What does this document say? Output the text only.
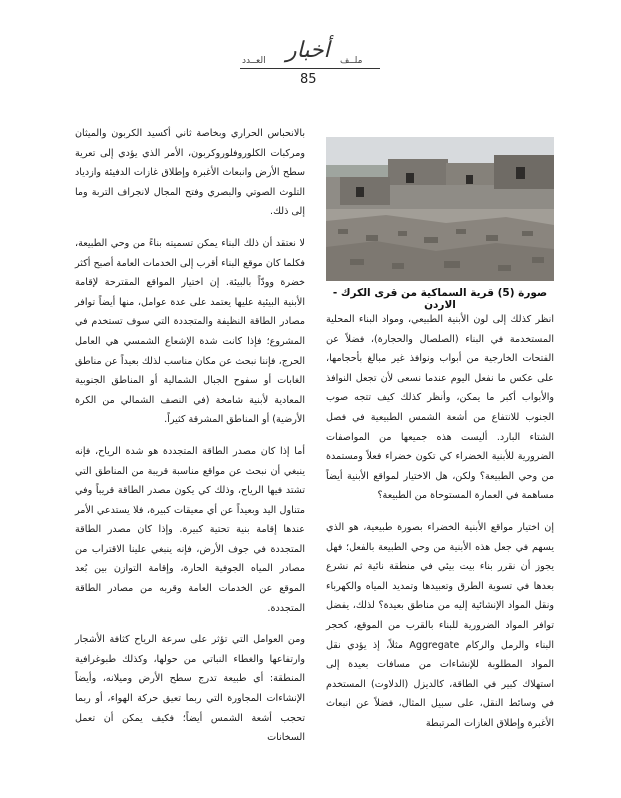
أخبار
العــدد	ملــف
85
صورة (5) قرية السماكية من قرى الكرك - الاردن

انظر كذلك إلى لون الأبنية الطبيعي، ومواد البناء المحلية المستخدمة في البناء (الصلصال والحجارة)، فضلاً عن الفتحات الخارجية من أبواب ونوافذ غير مبالغ بأحجامها، على عكس ما نفعل اليوم عندما نسعى لأن تجعل النوافذ والأبواب أكبر ما يمكن، وأنظر كذلك كيف تتجه صوب الجنوب للانتفاع من أشعة الشمس الطبيعية في فصل الشتاء البارد. أليست هذه جميعها من المواصفات الضرورية للأبنية الخضراء كي تكون خضراء فعلاً ومستمدة من وحي الطبيعة؟ ولكن، هل الاختيار لمواقع الأبنية أيضاً مساهمة في العمارة المستوحاة من الطبيعة؟

إن اختيار مواقع الأبنية الخضراء بصورة طبيعية، هو الذي يسهم في جعل هذه الأبنية من وحي الطبيعة بالفعل؛ فهل يجوز أن نقرر بناء بيت بيئي في منطقة نائية ثم نشرع بعدها في تسوية الطرق وتعبيدها وتمديد المياه والكهرباء ونقل المواد الإنشائية إليه من مناطق بعيدة؟ لذلك، يفضل توافر المواد الضرورية للبناء بالقرب من الموقع، كحجر البناء والرمل والركام Aggregate مثلاً، إذ يؤدي نقل المواد المطلوبة للإنشاءات من مسافات بعيدة إلى استهلاك كبير في الطاقة، كالديزل (الدلاوت) المستخدم في وسائط النقل، على سبيل المثال، فضلاً عن انبعاث الأغبرة وإطلاق الغازات المرتبطة

بالانحباس الحراري وبخاصة ثاني أكسيد الكربون والميثان ومركبات الكلوروفلوروكربون، الأمر الذي يؤدي إلى تعرية سطح الأرض وانبعاث الأغبرة وإطلاق غازات الدفيئة وازدياد التلوث الصوتي والبصري وفتح المجال لانجراف التربة وما إلى ذلك.

لا نعتقد أن ذلك البناء يمكن تسميته بناءً من وحي الطبيعة، فكلما كان موقع البناء أقرب إلى الخدمات العامة أصبح أكثر خضرة وودّاً بالبيئة. إن اختيار المواقع المقترحة لإقامة الأبنية البيئية عليها يعتمد على عدة عوامل، منها أيضاً توافر مصادر الطاقة النظيفة والمتجددة التي سوف تستخدم في المشروع؛ فإذا كانت شدة الإشعاع الشمسي هي العامل الحرج، فإننا نبحث عن مكان مناسب لذلك بعيداً عن مناطق الغابات أو سفوح الجبال الشمالية أو المناطق الجنوبية المعادية لأبنية شامخة (في النصف الشمالي من الكرة الأرضية) أو المناطق المشرقة كثيراً.

أما إذا كان مصدر الطاقة المتجددة هو شدة الرياح، فإنه ينبغي أن نبحث عن مواقع مناسبة قريبة من المناطق التي تشتد فيها الرياح، وذلك كي يكون مصدر الطاقة قريباً وفي متناول اليد وبعيداً عن أي معيقات كبيرة، فلا يستدعي الأمر عندها إقامة بنية تحتية كبيرة. وإذا كان مصدر الطاقة المتجددة في جوف الأرض، فإنه ينبغي علينا الاقتراب من مصادر المياه الجوفية الحارة، وإقامة التوازن بين بُعد الموقع عن الخدمات العامة وقربه من مصادر الطاقة المتجددة.

ومن العوامل التي تؤثر على سرعة الرياح كثافة الأشجار وارتفاعها والغطاء النباتي من حولها، وكذلك طبوغرافية المنطقة: أي طبيعة تدرج سطح الأرض وميلانه، وأيضاً الإنشاءات المجاورة التي ربما تعيق حركة الهواء، أو ربما تحجب أشعة الشمس أيضاً؛ فكيف يمكن أن تعمل السخانات
